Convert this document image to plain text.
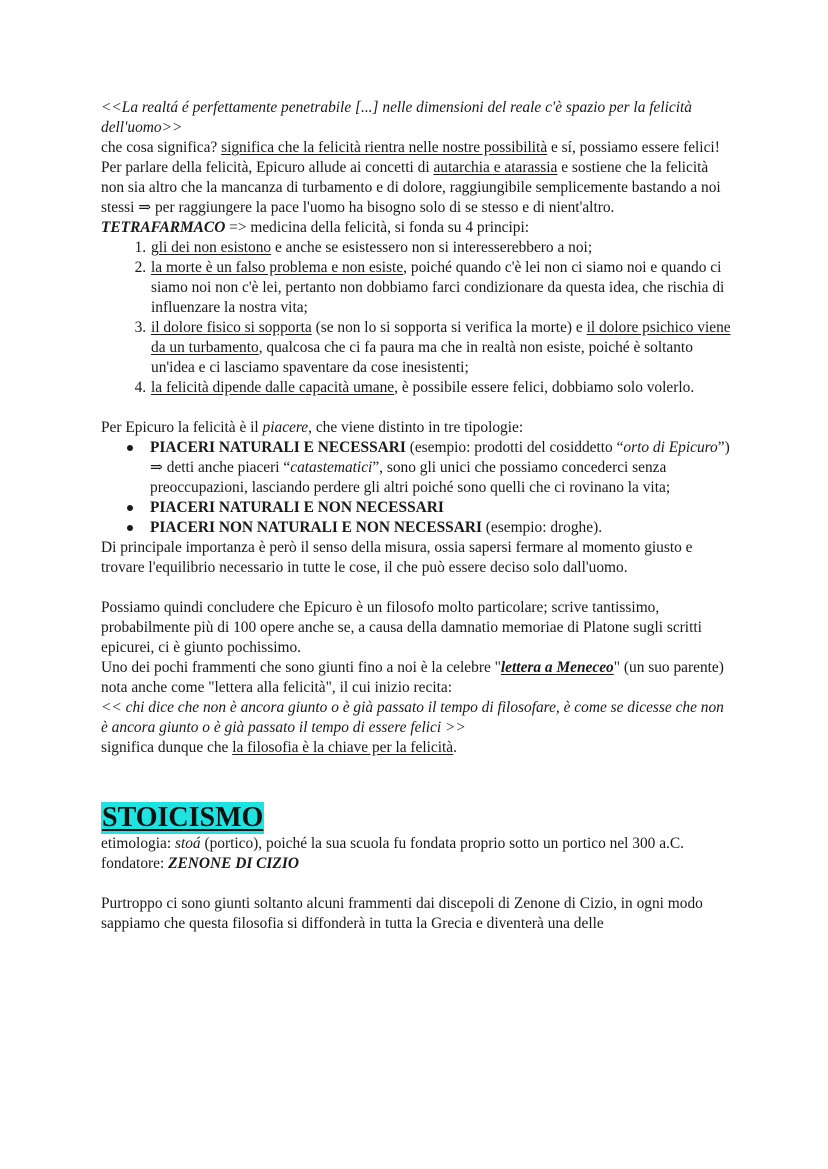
<<La realtá é perfettamente penetrabile [...] nelle dimensioni del reale c'è spazio per la felicità dell'uomo>>

che cosa significa? significa che la felicità rientra nelle nostre possibilità e sí, possiamo essere felici!

Per parlare della felicità, Epicuro allude ai concetti di autarchia e atarassia e sostiene che la felicità non sia altro che la mancanza di turbamento e di dolore, raggiungibile semplicemente bastando a noi stessi ⇒ per raggiungere la pace l'uomo ha bisogno solo di se stesso e di nient'altro.

TETRAFARMACO => medicina della felicità, si fonda su 4 principi:

1. gli dei non esistono e anche se esistessero non si interesserebbero a noi;
2. la morte è un falso problema e non esiste, poiché quando c'è lei non ci siamo noi e quando ci siamo noi non c'è lei, pertanto non dobbiamo farci condizionare da questa idea, che rischia di influenzare la nostra vita;
3. il dolore fisico si sopporta (se non lo si sopporta si verifica la morte) e il dolore psichico viene da un turbamento, qualcosa che ci fa paura ma che in realtà non esiste, poiché è soltanto un'idea e ci lasciamo spaventare da cose inesistenti;
4. la felicità dipende dalle capacità umane, è possibile essere felici, dobbiamo solo volerlo.

Per Epicuro la felicità è il piacere, che viene distinto in tre tipologie:

PIACERI NATURALI E NECESSARI (esempio: prodotti del cosiddetto “orto di Epicuro”) ⇒ detti anche piaceri “catastematici”, sono gli unici che possiamo concederci senza preoccupazioni, lasciando perdere gli altri poiché sono quelli che ci rovinano la vita;
PIACERI NATURALI E NON NECESSARI
PIACERI NON NATURALI E NON NECESSARI (esempio: droghe).

Di principale importanza è però il senso della misura, ossia sapersi fermare al momento giusto e trovare l'equilibrio necessario in tutte le cose, il che può essere deciso solo dall'uomo.

Possiamo quindi concludere che Epicuro è un filosofo molto particolare; scrive tantissimo, probabilmente più di 100 opere anche se, a causa della damnatio memoriae di Platone sugli scritti epicurei, ci è giunto pochissimo.

Uno dei pochi frammenti che sono giunti fino a noi è la celebre "lettera a Meneceo" (un suo parente) nota anche come "lettera alla felicità", il cui inizio recita:

<< chi dice che non è ancora giunto o è già passato il tempo di filosofare, è come se dicesse che non è ancora giunto o è già passato il tempo di essere felici >>

significa dunque che la filosofia è la chiave per la felicità.

STOICISMO

etimologia: stoá (portico), poiché la sua scuola fu fondata proprio sotto un portico nel 300 a.C.

fondatore: ZENONE DI CIZIO

Purtroppo ci sono giunti soltanto alcuni frammenti dai discepoli di Zenone di Cizio, in ogni modo sappiamo che questa filosofia si diffonderà in tutta la Grecia e diventerà una delle
